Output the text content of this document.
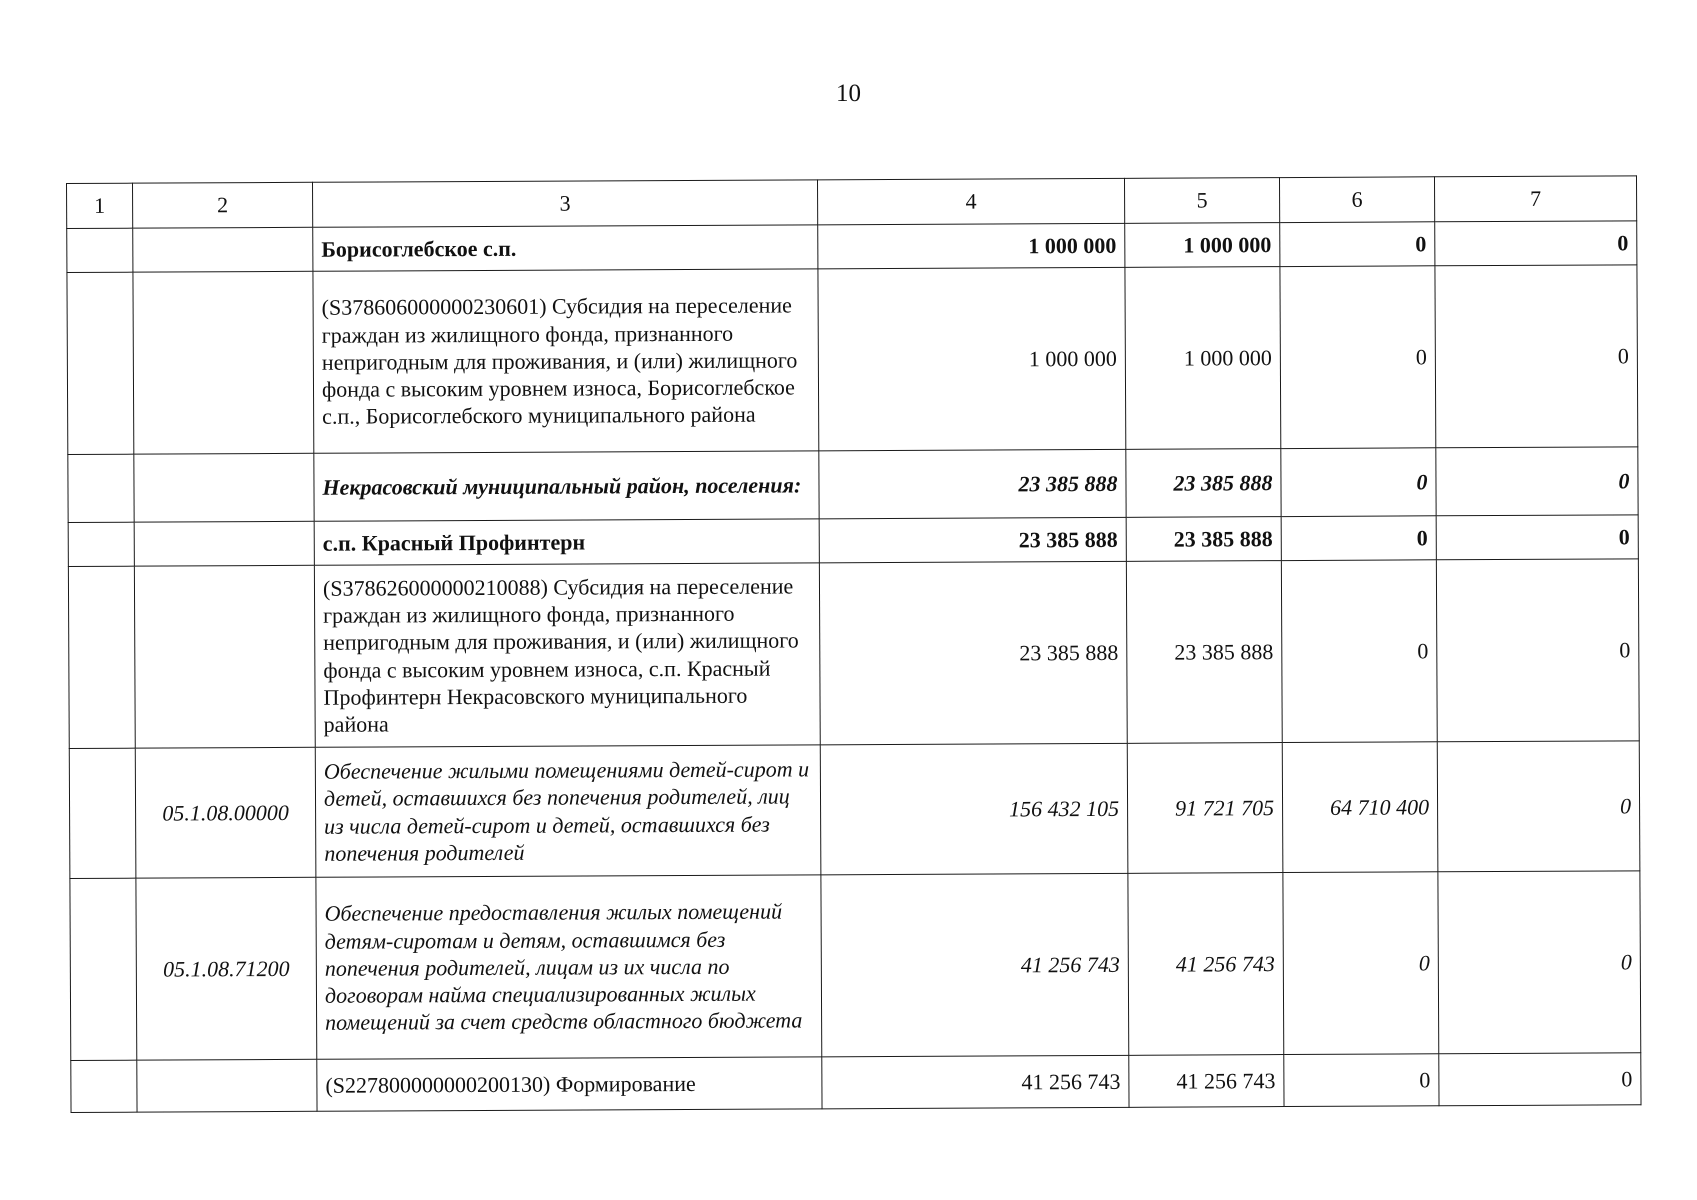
10
1	2	3	4	5	6	7
		Борисоглебское с.п.	1 000 000	1 000 000	0	0
		(S378606000000230601) Субсидия на переселение граждан из жилищного фонда, признанного непригодным для проживания, и (или) жилищного фонда с высоким уровнем износа, Борисоглебское с.п., Борисоглебского муниципального района	1 000 000	1 000 000	0	0
		Некрасовский муниципальный район, поселения:	23 385 888	23 385 888	0	0
		с.п. Красный Профинтерн	23 385 888	23 385 888	0	0
		(S378626000000210088) Субсидия на переселение граждан из жилищного фонда, признанного непригодным для проживания, и (или) жилищного фонда с высоким уровнем износа, с.п. Красный Профинтерн Некрасовского муниципального района	23 385 888	23 385 888	0	0
	05.1.08.00000	Обеспечение жилыми помещениями детей-сирот и детей, оставшихся без попечения родителей, лиц из числа детей-сирот и детей, оставшихся без попечения родителей	156 432 105	91 721 705	64 710 400	0
	05.1.08.71200	Обеспечение предоставления жилых помещений детям-сиротам и детям, оставшимся без попечения родителей, лицам из их числа по договорам найма специализированных жилых помещений за счет средств областного бюджета	41 256 743	41 256 743	0	0
		(S227800000000200130) Формирование	41 256 743	41 256 743	0	0
